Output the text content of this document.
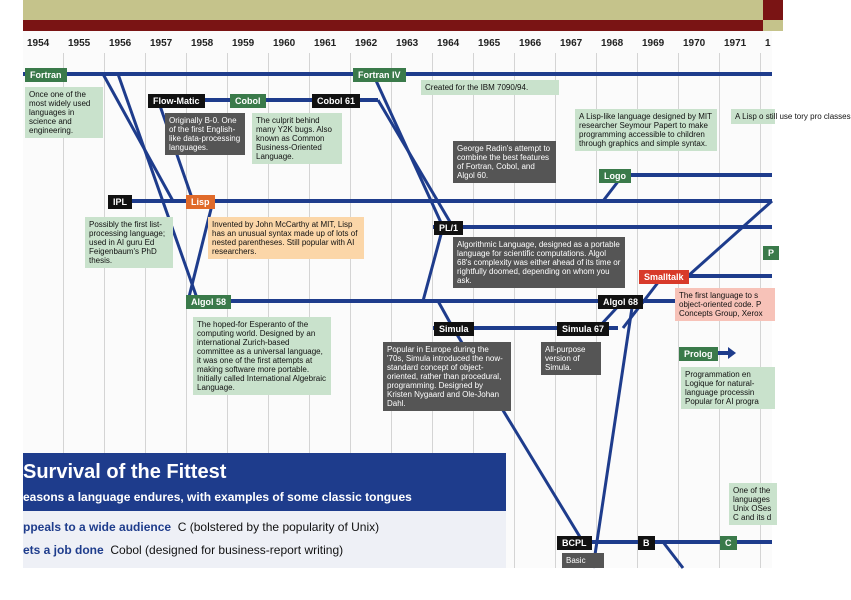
1954 1955 1956 1957 1958 1959 1960 1961 1962 1963 1964 1965 1966 1967 1968 1969 1970 1971 1
Fortran
Flow-Matic	Cobol	Cobol 61
Fortran IV
IPL	Lisp
PL/1
Logo
Smalltalk
Algol 58	Algol 68
Simula	Simula 67
Prolog
BCPL	B	C
P
Once one of the most widely used languages in science and engineering.
Originally B-0. One of the first English-like data-processing languages.
The culprit behind many Y2K bugs. Also known as Common Business-Oriented Language.
Created for the IBM 7090/94.
George Radin's attempt to combine the best features of Fortran, Cobol, and Algol 60.
A Lisp-like language designed by MIT researcher Seymour Papert to make programming accessible to children through graphics and simple syntax.
A Lisp o still use tory pro classes
Possibly the first list-processing language; used in AI guru Ed Feigenbaum's PhD thesis.
Invented by John McCarthy at MIT, Lisp has an unusual syntax made up of lots of nested parentheses. Still popular with AI researchers.
Algorithmic Language, designed as a portable language for scientific computations. Algol 68's complexity was either ahead of its time or rightfully doomed, depending on whom you ask.
The first language to s object-oriented code. P Concepts Group, Xerox
The hoped-for Esperanto of the computing world. Designed by an international Zurich-based committee as a universal language, it was one of the first attempts at making software more portable. Initially called International Algebraic Language.
Popular in Europe during the '70s, Simula introduced the now-standard concept of object-oriented, rather than procedural, programming. Designed by Kristen Nygaard and Ole-Johan Dahl.
All-purpose version of Simula.
Programmation en Logique for natural-language processin Popular for AI progra
One of the languages Unix OSes C and its d
Basic
Survival of the Fittest
easons a language endures, with examples of some classic tongues
ppeals to a wide audience C (bolstered by the popularity of Unix)
ets a job done Cobol (designed for business-report writing)
